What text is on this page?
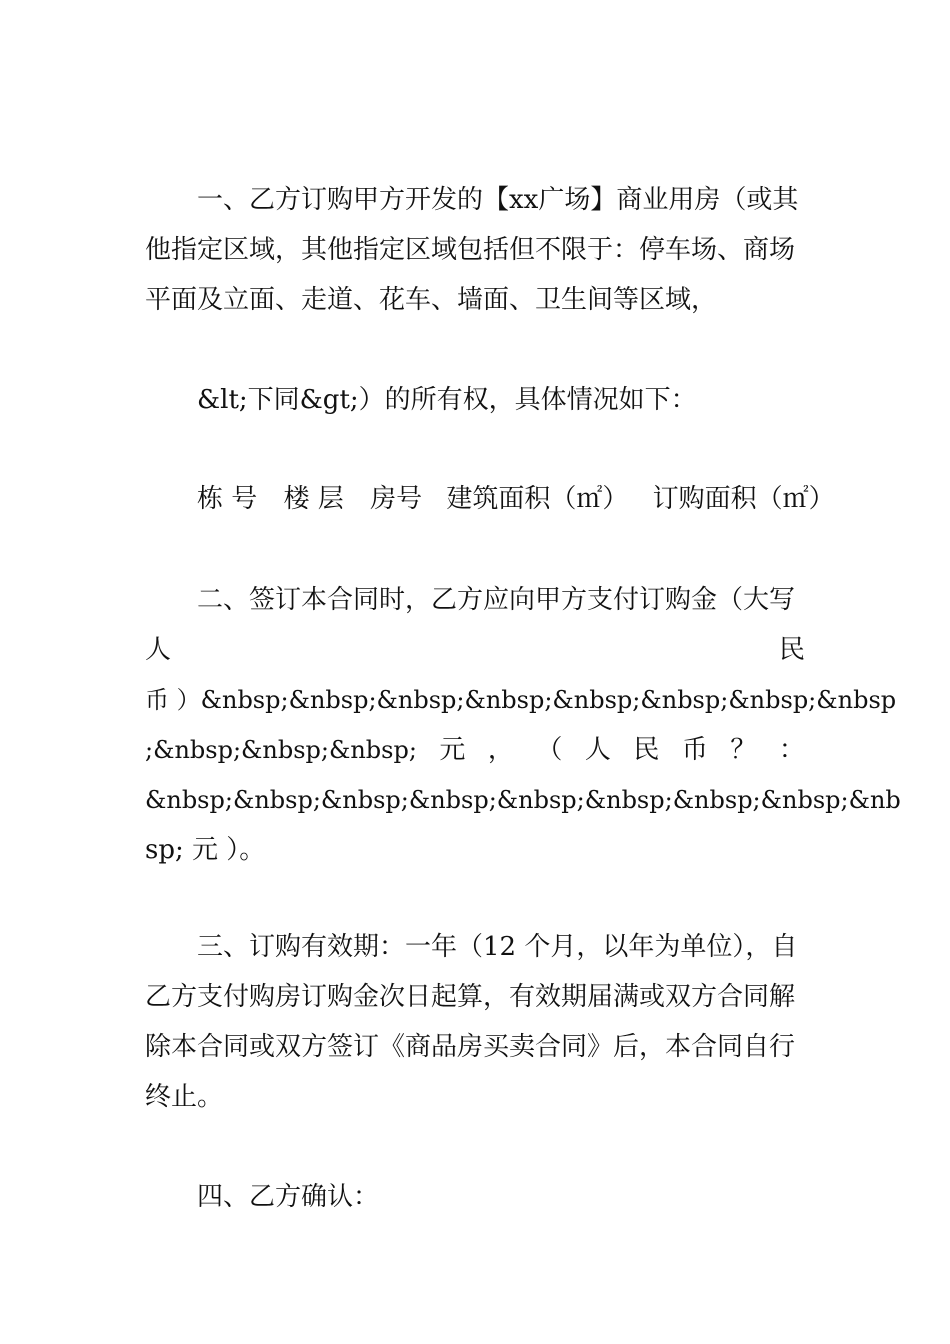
一、乙方订购甲方开发的【xx广场】商业用房（或其
他指定区域，其他指定区域包括但不限于：停车场、商场
平面及立面、走道、花车、墙面、卫生间等区域，
&lt;下同&gt;）的所有权，具体情况如下：
栋 号 楼 层 房号 建筑面积（㎡） 订购面积（㎡）
二、签订本合同时，乙方应向甲方支付订购金（大写
人	民
币 ）&nbsp;&nbsp;&nbsp;&nbsp;&nbsp;&nbsp;&nbsp;&nbsp
;&nbsp;&nbsp;&nbsp; 元 ， （ 人 民 币 ？ ：
&nbsp;&nbsp;&nbsp;&nbsp;&nbsp;&nbsp;&nbsp;&nbsp;&nb
sp; 元 ）。
三、订购有效期：一年（12 个月，以年为单位），自
乙方支付购房订购金次日起算，有效期届满或双方合同解
除本合同或双方签订《商品房买卖合同》后，本合同自行
终止。
四、乙方确认：
